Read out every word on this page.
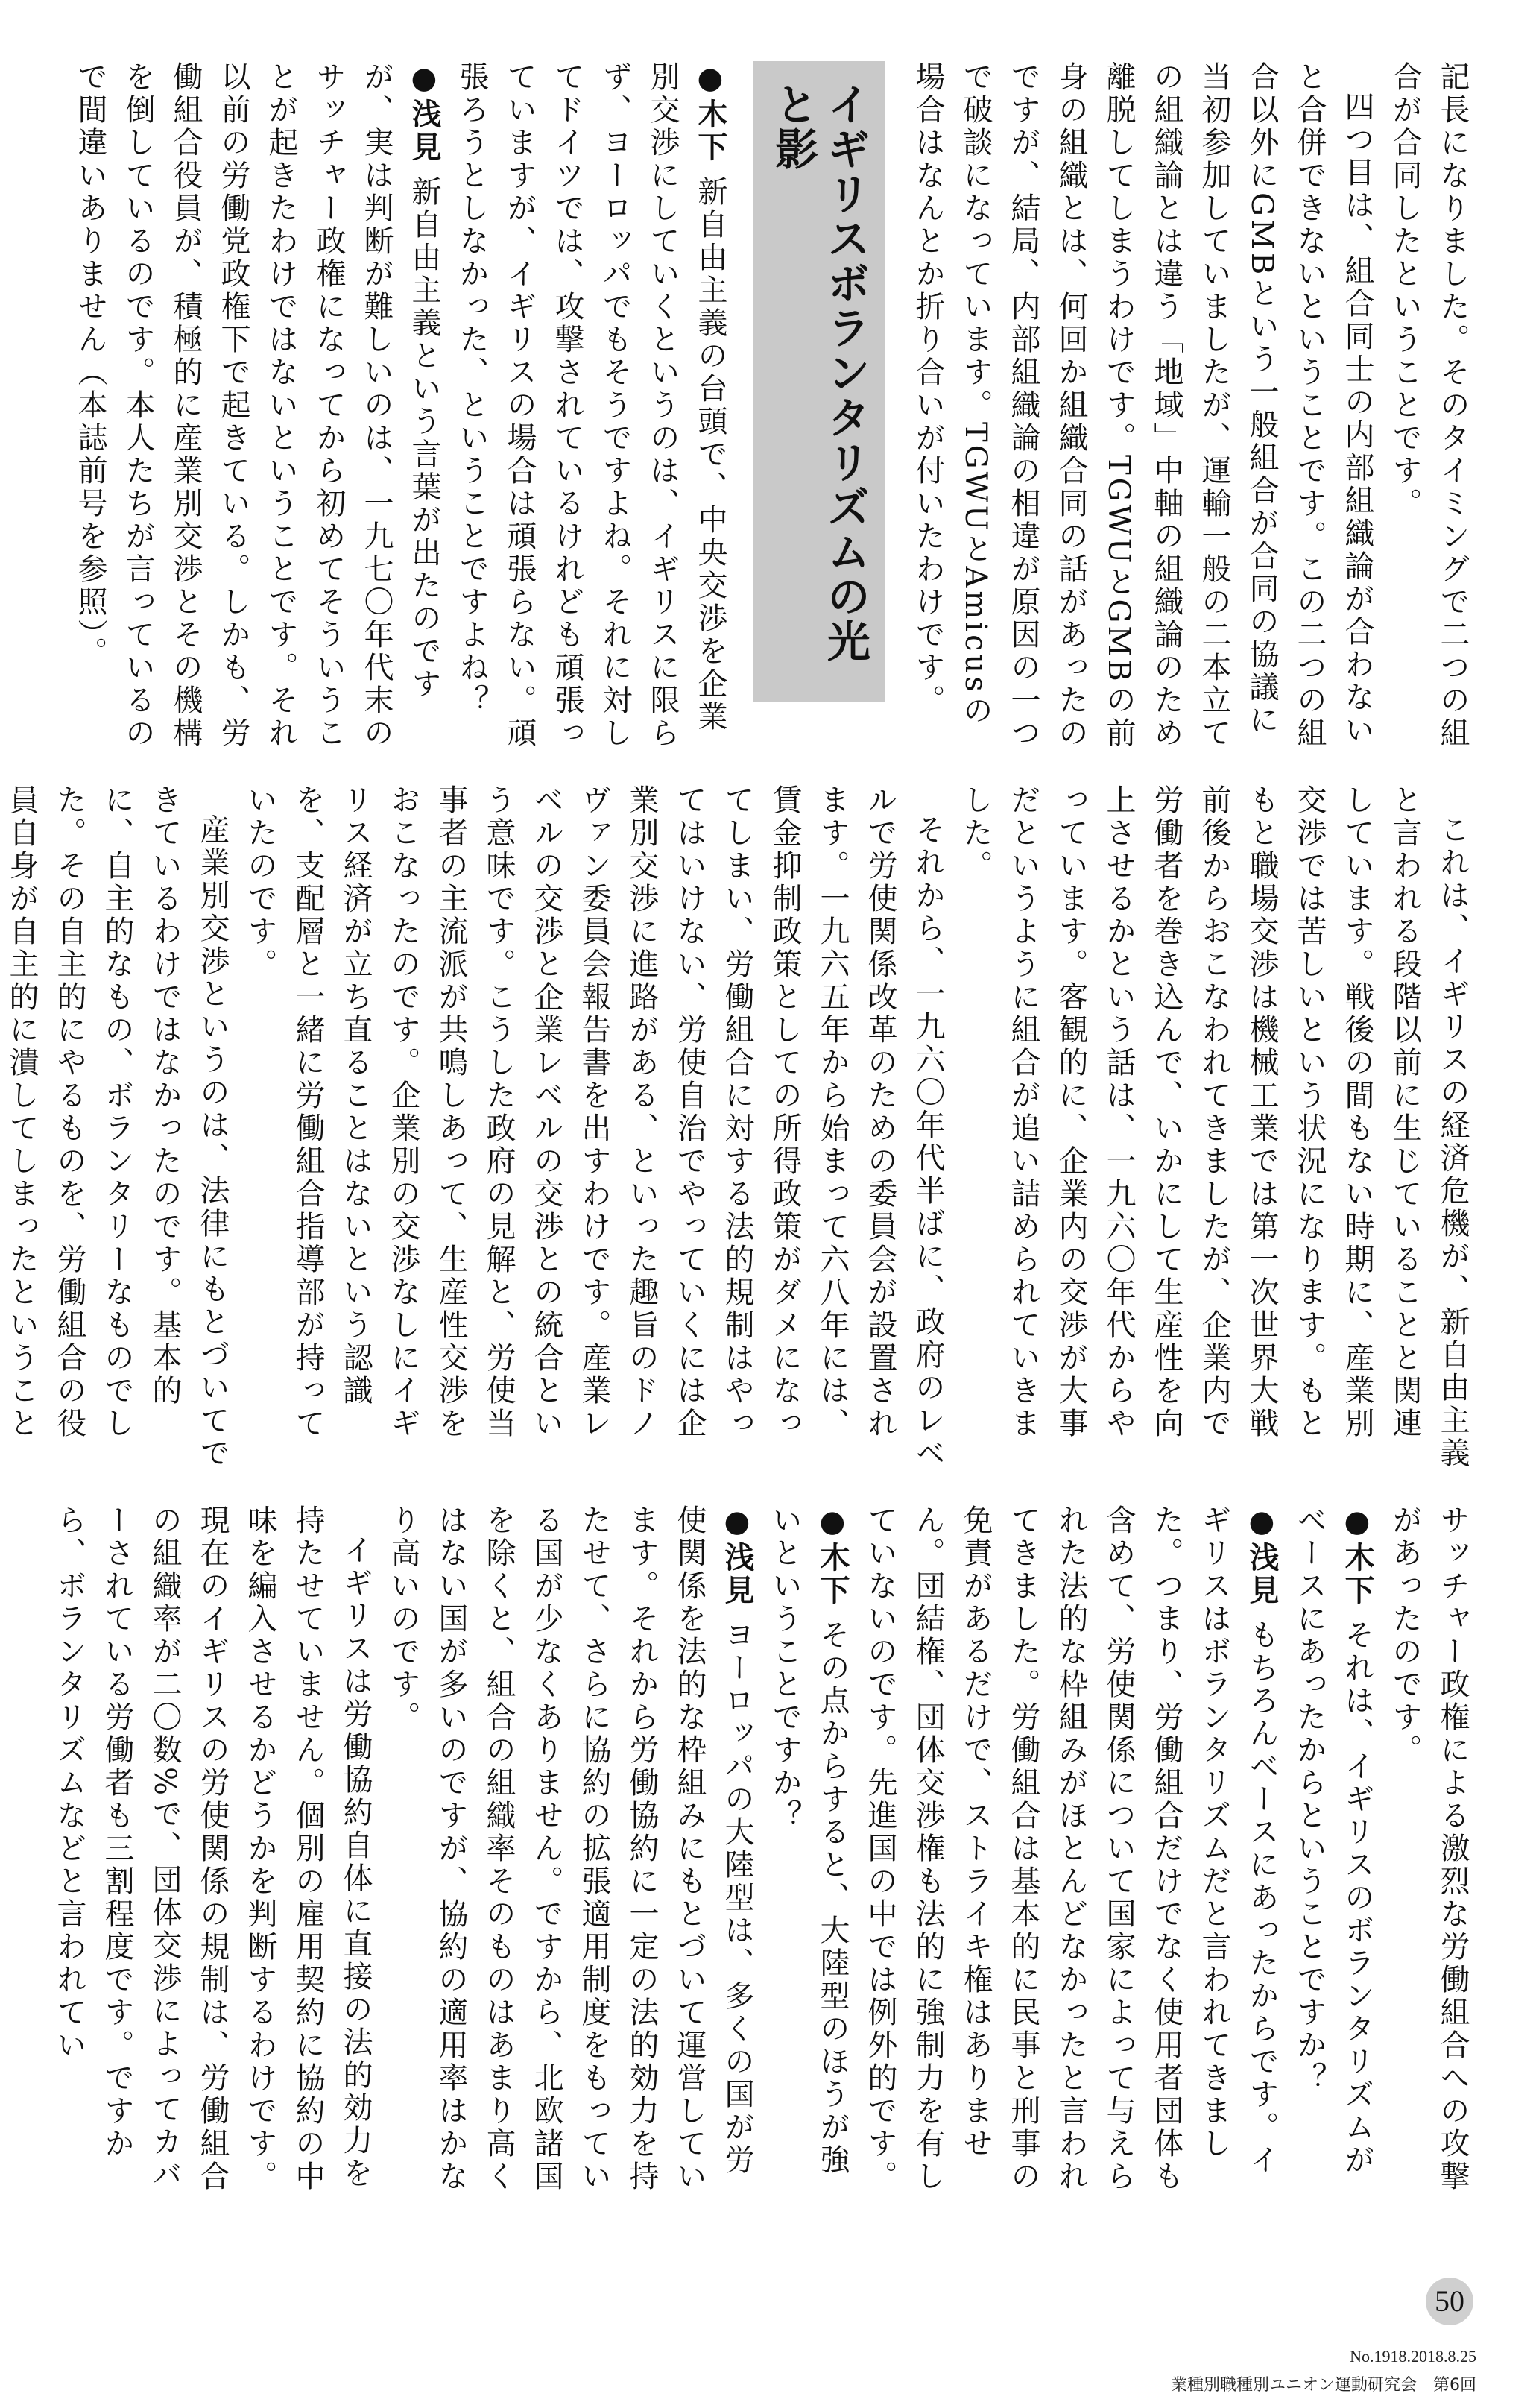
記長になりました。そのタイミングで二つの組合が合同したということです。

四つ目は、組合同士の内部組織論が合わないと合併できないということです。この二つの組合以外にGMBという一般組合が合同の協議に当初参加していましたが、運輸一般の二本立ての組織論とは違う「地域」中軸の組織論のため離脱してしまうわけです。TGWUとGMBの前身の組織とは、何回か組織合同の話があったのですが、結局、内部組織論の相違が原因の一つで破談になっています。TGWUとAmicusの場合はなんとか折り合いが付いたわけです。

イギリスボランタリズムの光と影

●木下新自由主義の台頭で、中央交渉を企業別交渉にしていくというのは、イギリスに限らず、ヨーロッパでもそうですよね。それに対してドイツでは、攻撃されているけれども頑張っていますが、イギリスの場合は頑張らない。頑張ろうとしなかった、ということですよね？

●浅見新自由主義という言葉が出たのですが、実は判断が難しいのは、一九七〇年代末のサッチャー政権になってから初めてそういうことが起きたわけではないということです。それ以前の労働党政権下で起きている。しかも、労働組合役員が、積極的に産業別交渉とその機構を倒しているのです。本人たちが言っているので間違いありません（本誌前号を参照）。

これは、イギリスの経済危機が、新自由主義と言われる段階以前に生じていることと関連しています。戦後の間もない時期に、産業別交渉では苦しいという状況になります。もともと職場交渉は機械工業では第一次世界大戦前後からおこなわれてきましたが、企業内で労働者を巻き込んで、いかにして生産性を向上させるかという話は、一九六〇年代からやっています。客観的に、企業内の交渉が大事だというように組合が追い詰められていきました。

それから、一九六〇年代半ばに、政府のレベルで労使関係改革のための委員会が設置されます。一九六五年から始まって六八年には、賃金抑制政策としての所得政策がダメになってしまい、労働組合に対する法的規制はやってはいけない、労使自治でやっていくには企業別交渉に進路がある、といった趣旨のドノヴァン委員会報告書を出すわけです。産業レベルの交渉と企業レベルの交渉との統合という意味です。こうした政府の見解と、労使当事者の主流派が共鳴しあって、生産性交渉をおこなったのです。企業別の交渉なしにイギリス経済が立ち直ることはないという認識を、支配層と一緒に労働組合指導部が持っていたのです。

産業別交渉というのは、法律にもとづいてできているわけではなかったのです。基本的に、自主的なもの、ボランタリーなものでした。その自主的にやるものを、労働組合の役員自身が自主的に潰してしまったということ

サッチャー政権による激烈な労働組合への攻撃があったのです。

●木下それは、イギリスのボランタリズムがベースにあったからということですか？

●浅見もちろんベースにあったからです。イギリスはボランタリズムだと言われてきました。つまり、労働組合だけでなく使用者団体も含めて、労使関係について国家によって与えられた法的な枠組みがほとんどなかったと言われてきました。労働組合は基本的に民事と刑事の免責があるだけで、ストライキ権はありません。団結権、団体交渉権も法的に強制力を有していないのです。先進国の中では例外的です。

●木下その点からすると、大陸型のほうが強いということですか？

●浅見ヨーロッパの大陸型は、多くの国が労使関係を法的な枠組みにもとづいて運営しています。それから労働協約に一定の法的効力を持たせて、さらに協約の拡張適用制度をもっている国が少なくありません。ですから、北欧諸国を除くと、組合の組織率そのものはあまり高くはない国が多いのですが、協約の適用率はかなり高いのです。

イギリスは労働協約自体に直接の法的効力を持たせていません。個別の雇用契約に協約の中味を編入させるかどうかを判断するわけです。現在のイギリスの労使関係の規制は、労働組合の組織率が二〇数%で、団体交渉によってカバーされている労働者も三割程度です。ですから、ボランタリズムなどと言われてい

50
No.1918.2018.8.25
業種別職種別ユニオン運動研究会　第6回
